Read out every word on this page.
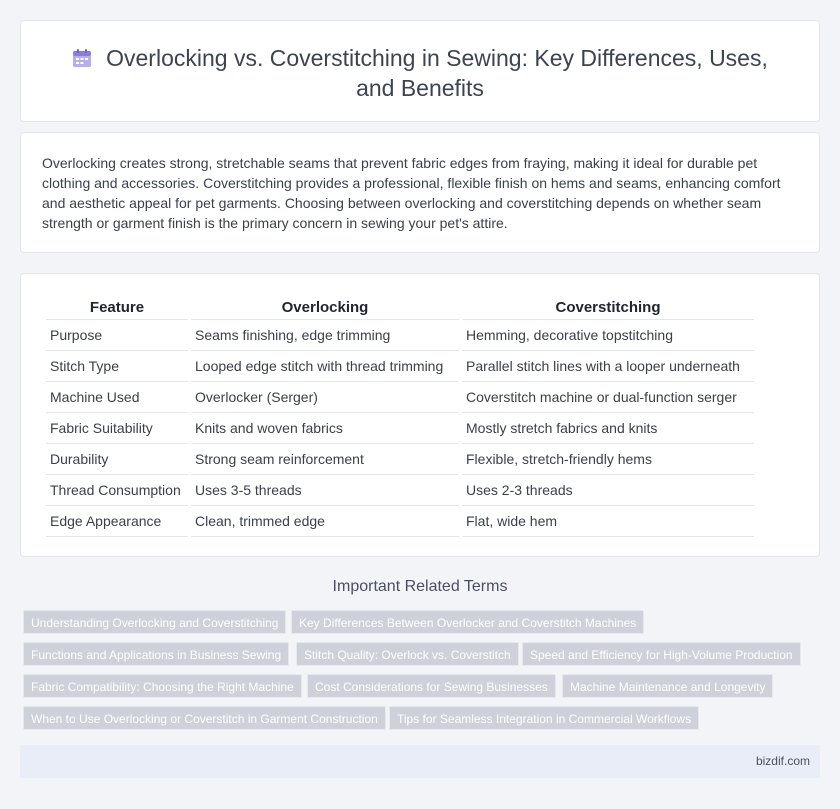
Overlocking vs. Coverstitching in Sewing: Key Differences, Uses, and Benefits

Overlocking creates strong, stretchable seams that prevent fabric edges from fraying, making it ideal for durable pet clothing and accessories. Coverstitching provides a professional, flexible finish on hems and seams, enhancing comfort and aesthetic appeal for pet garments. Choosing between overlocking and coverstitching depends on whether seam strength or garment finish is the primary concern in sewing your pet's attire.

Feature	Overlocking	Coverstitching
Purpose	Seams finishing, edge trimming	Hemming, decorative topstitching
Stitch Type	Looped edge stitch with thread trimming	Parallel stitch lines with a looper underneath
Machine Used	Overlocker (Serger)	Coverstitch machine or dual-function serger
Fabric Suitability	Knits and woven fabrics	Mostly stretch fabrics and knits
Durability	Strong seam reinforcement	Flexible, stretch-friendly hems
Thread Consumption	Uses 3-5 threads	Uses 2-3 threads
Edge Appearance	Clean, trimmed edge	Flat, wide hem
Important Related Terms
Understanding Overlocking and Coverstitching	Key Differences Between Overlocker and Coverstitch Machines
Functions and Applications in Business Sewing	Stitch Quality: Overlock vs. Coverstitch	Speed and Efficiency for High-Volume Production
Fabric Compatibility: Choosing the Right Machine	Cost Considerations for Sewing Businesses	Machine Maintenance and Longevity
When to Use Overlocking or Coverstitch in Garment Construction	Tips for Seamless Integration in Commercial Workflows
bizdif.com
